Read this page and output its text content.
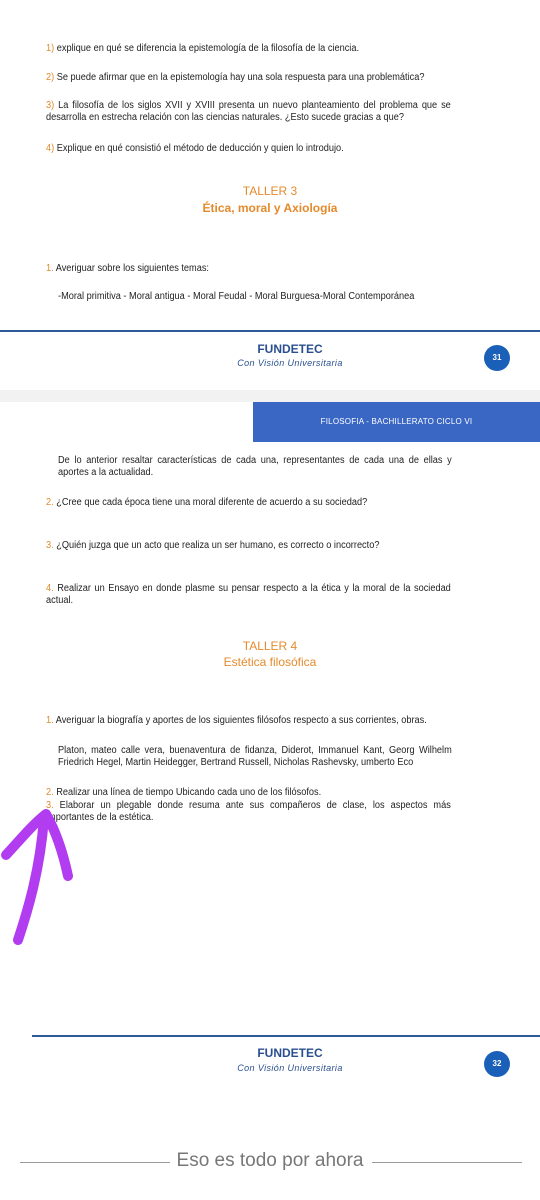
1) explique en qué se diferencia la epistemología de la filosofía de la ciencia.
2) Se puede afirmar que en la epistemología hay una sola respuesta para una problemática?
3) La filosofía de los siglos XVII y XVIII presenta un nuevo planteamiento del problema que se desarrolla en estrecha relación con las ciencias naturales. ¿Esto sucede gracias a que?
4) Explique en qué consistió el método de deducción y quien lo introdujo.
TALLER 3
Ética, moral y Axiología
1. Averiguar sobre los siguientes temas:
-Moral primitiva - Moral antigua - Moral Feudal - Moral Burguesa-Moral Contemporánea
FUNDETEC
Con Visión Universitaria
31
FILOSOFIA - BACHILLERATO CICLO VI
De lo anterior resaltar características de cada una, representantes de cada una de ellas y aportes a la actualidad.
2. ¿Cree que cada época tiene una moral diferente de acuerdo a su sociedad?
3. ¿Quién juzga que un acto que realiza un ser humano, es correcto o incorrecto?
4. Realizar un Ensayo en donde plasme su pensar respecto a la ética y la moral de la sociedad actual.
TALLER 4
Estética filosófica
1. Averiguar la biografía y aportes de los siguientes filósofos respecto a sus corrientes, obras.
Platon, mateo calle vera, buenaventura de fidanza, Diderot, Immanuel Kant, Georg Wilhelm Friedrich Hegel, Martin Heidegger, Bertrand Russell, Nicholas Rashevsky, umberto Eco
2. Realizar una línea de tiempo Ubicando cada uno de los filósofos.
3. Elaborar un plegable donde resuma ante sus compañeros de clase, los aspectos más importantes de la estética.
FUNDETEC
Con Visión Universitaria	32
Eso es todo por ahora
